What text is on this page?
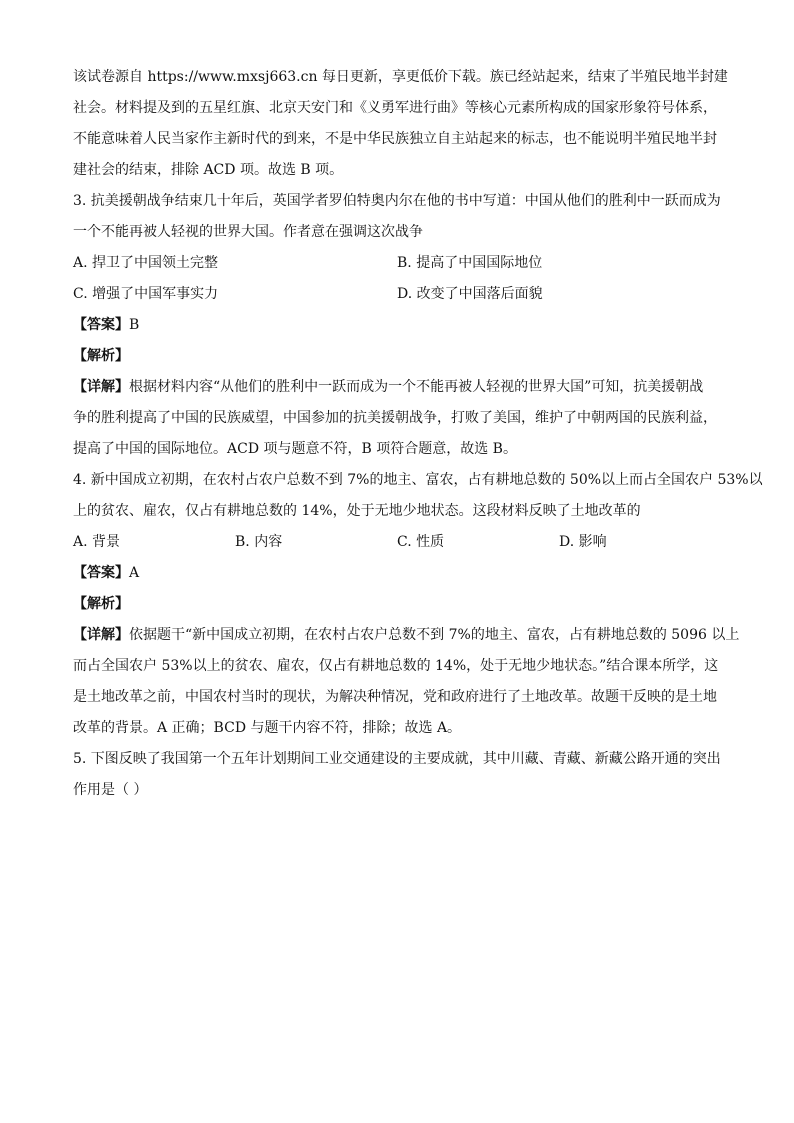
该试卷源自 https://www.mxsj663.cn 每日更新，享更低价下载。族已经站起来，结束了半殖民地半封建
社会。材料提及到的五星红旗、北京天安门和《义勇军进行曲》等核心元素所构成的国家形象符号体系，
不能意味着人民当家作主新时代的到来，不是中华民族独立自主站起来的标志，也不能说明半殖民地半封
建社会的结束，排除 ACD 项。故选 B 项。
3. 抗美援朝战争结束几十年后，英国学者罗伯特奥内尔在他的书中写道：中国从他们的胜利中一跃而成为
一个不能再被人轻视的世界大国。作者意在强调这次战争
A. 捍卫了中国领土完整	B. 提高了中国国际地位
C. 增强了中国军事实力	D. 改变了中国落后面貌
【答案】B
【解析】
【详解】根据材料内容“从他们的胜利中一跃而成为一个不能再被人轻视的世界大国”可知，抗美援朝战
争的胜利提高了中国的民族威望，中国参加的抗美援朝战争，打败了美国，维护了中朝两国的民族利益，
提高了中国的国际地位。ACD 项与题意不符，B 项符合题意，故选 B。
4. 新中国成立初期，在农村占农户总数不到 7%的地主、富农，占有耕地总数的 50%以上而占全国农户 53%以
上的贫农、雇农，仅占有耕地总数的 14%，处于无地少地状态。这段材料反映了土地改革的
A. 背景	B. 内容	C. 性质	D. 影响
【答案】A
【解析】
【详解】依据题干“新中国成立初期，在农村占农户总数不到 7%的地主、富农，占有耕地总数的 5096 以上
而占全国农户 53%以上的贫农、雇农，仅占有耕地总数的 14%，处于无地少地状态。”结合课本所学，这
是土地改革之前，中国农村当时的现状，为解决种情况，党和政府进行了土地改革。故题干反映的是土地
改革的背景。A 正确；BCD 与题干内容不符，排除；故选 A。
5. 下图反映了我国第一个五年计划期间工业交通建设的主要成就，其中川藏、青藏、新藏公路开通的突出
作用是（ ）
